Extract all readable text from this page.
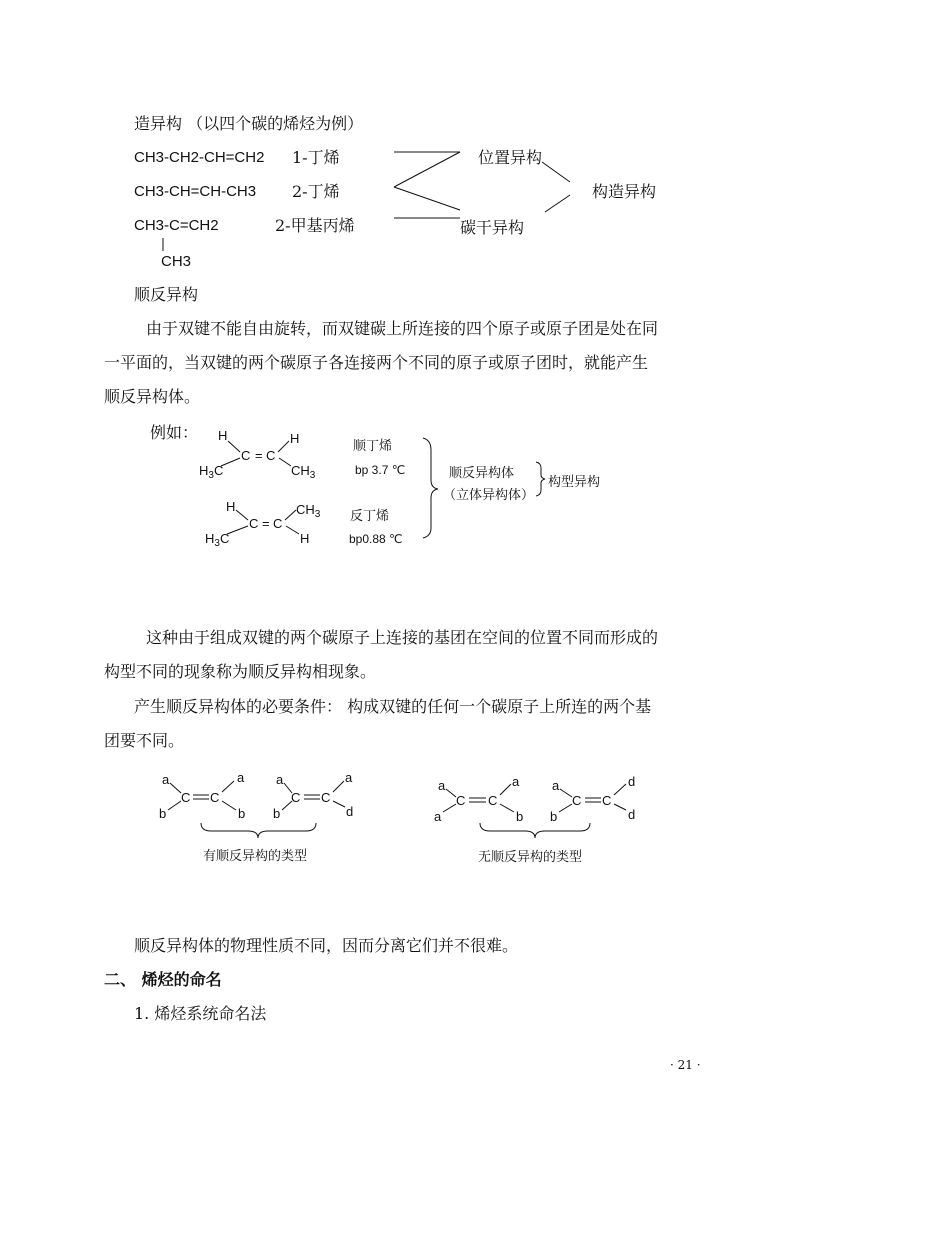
造异构 （以四个碳的烯烃为例）
CH3-CH2-CH=CH2 1-丁烯
CH3-CH=CH-CH3 2-丁烯
CH3-C=CH2	2-甲基丙烯
CH3
位置异构
碳干异构
构造异构
顺反异构
由于双键不能自由旋转，而双键碳上所连接的四个原子或原子团是处在同
一平面的，当双键的两个碳原子各连接两个不同的原子或原子团时，就能产生
顺反异构体。
例如： H	H
C = C
$H_3C$	$CH_3$
H	$CH_3$
C = C
$H_3C$	H
顺丁烯
bp 3.7 ℃
反丁烯
bp0.88 ℃
顺反异构体
（立体异构体）
构型异构
这种由于组成双键的两个碳原子上连接的基团在空间的位置不同而形成的
构型不同的现象称为顺反异构相现象。
产生顺反异构体的必要条件： 构成双键的任何一个碳原子上所连的两个基
团要不同。
a
b
C C
a
b
a
b
C C
a
d
a
a
C C
a
b
a
b
C C
d
d
有顺反异构的类型	无顺反异构的类型
顺反异构体的物理性质不同，因而分离它们并不很难。
二、 烯烃的命名
1. 烯烃系统命名法
· 21 ·
